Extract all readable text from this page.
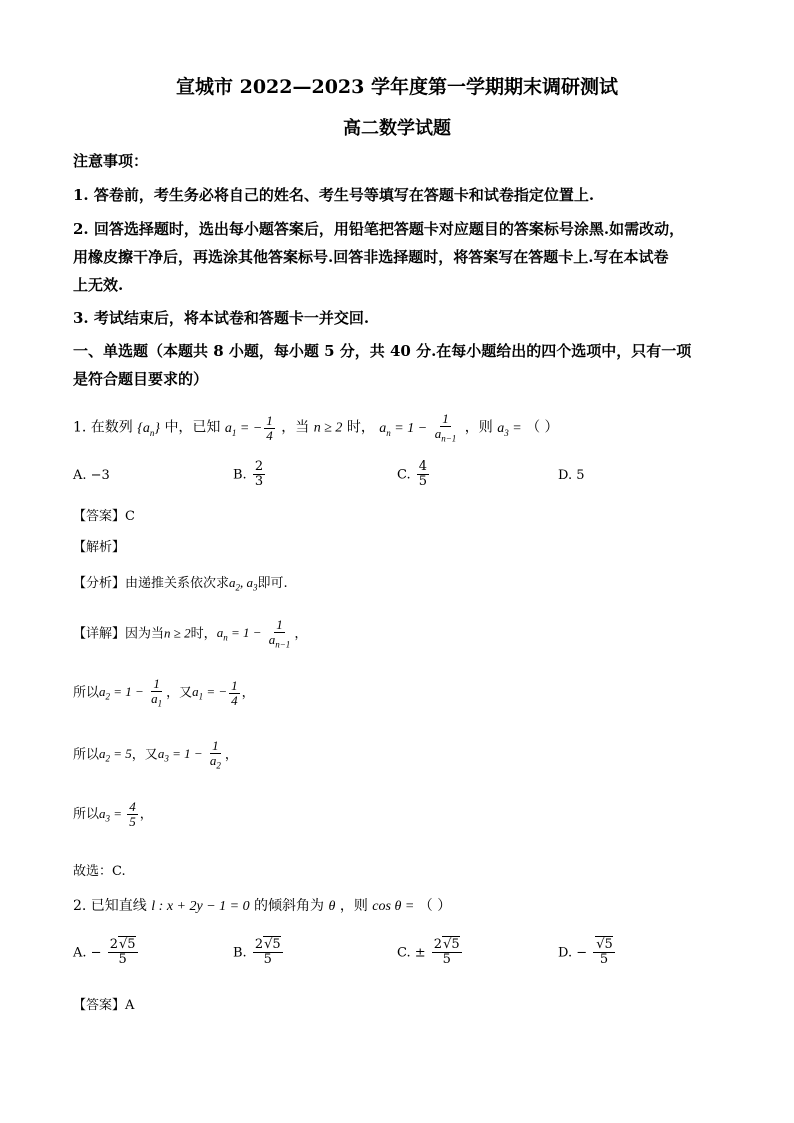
宣城市 2022—2023 学年度第一学期期末调研测试
高二数学试题
注意事项：
1. 答卷前，考生务必将自己的姓名、考生号等填写在答题卡和试卷指定位置上.
2. 回答选择题时，选出每小题答案后，用铅笔把答题卡对应题目的答案标号涂黑.如需改动，
用橡皮擦干净后，再选涂其他答案标号.回答非选择题时，将答案写在答题卡上.写在本试卷
上无效.
3. 考试结束后，将本试卷和答题卡一并交回.
一、单选题（本题共 8 小题，每小题 5 分，共 40 分.在每小题给出的四个选项中，只有一项
是符合题目要求的）
1. 在数列 $\{a_n\}$ 中，已知 $a_1$ = − $\frac{1}{4}$ ，当 n ≥ 2 时， $a_n = 1 - \frac{1}{a_{n-1}}$ ，则 $a_3$ = （ ）
A. −3	B. $\frac{2}{3}$	C. $\frac{4}{5}$	D. 5
【答案】C
【解析】
【分析】由递推关系依次求$a_2$, $a_3$即可.
【详解】因为当n ≥ 2时，$a_n = 1 - \frac{1}{a_{n-1}}$ ，
所以$a_2 = 1 - \frac{1}{a_1}$ ，又$a_1$ = − $\frac{1}{4}$ ，
所以$a_2 = 5$，又$a_3 = 1 - \frac{1}{a_2}$ ，
所以$a_3 = \frac{4}{5}$ ，
故选：C.
2. 已知直线 l : x + 2y − 1 = 0 的倾斜角为 θ ，则 cos θ = （ ）
A. − $\frac{2√5}{5}$	B. $\frac{2√5}{5}$	C. ± $\frac{2√5}{5}$	D. − $\frac{√5}{5}$
【答案】A
